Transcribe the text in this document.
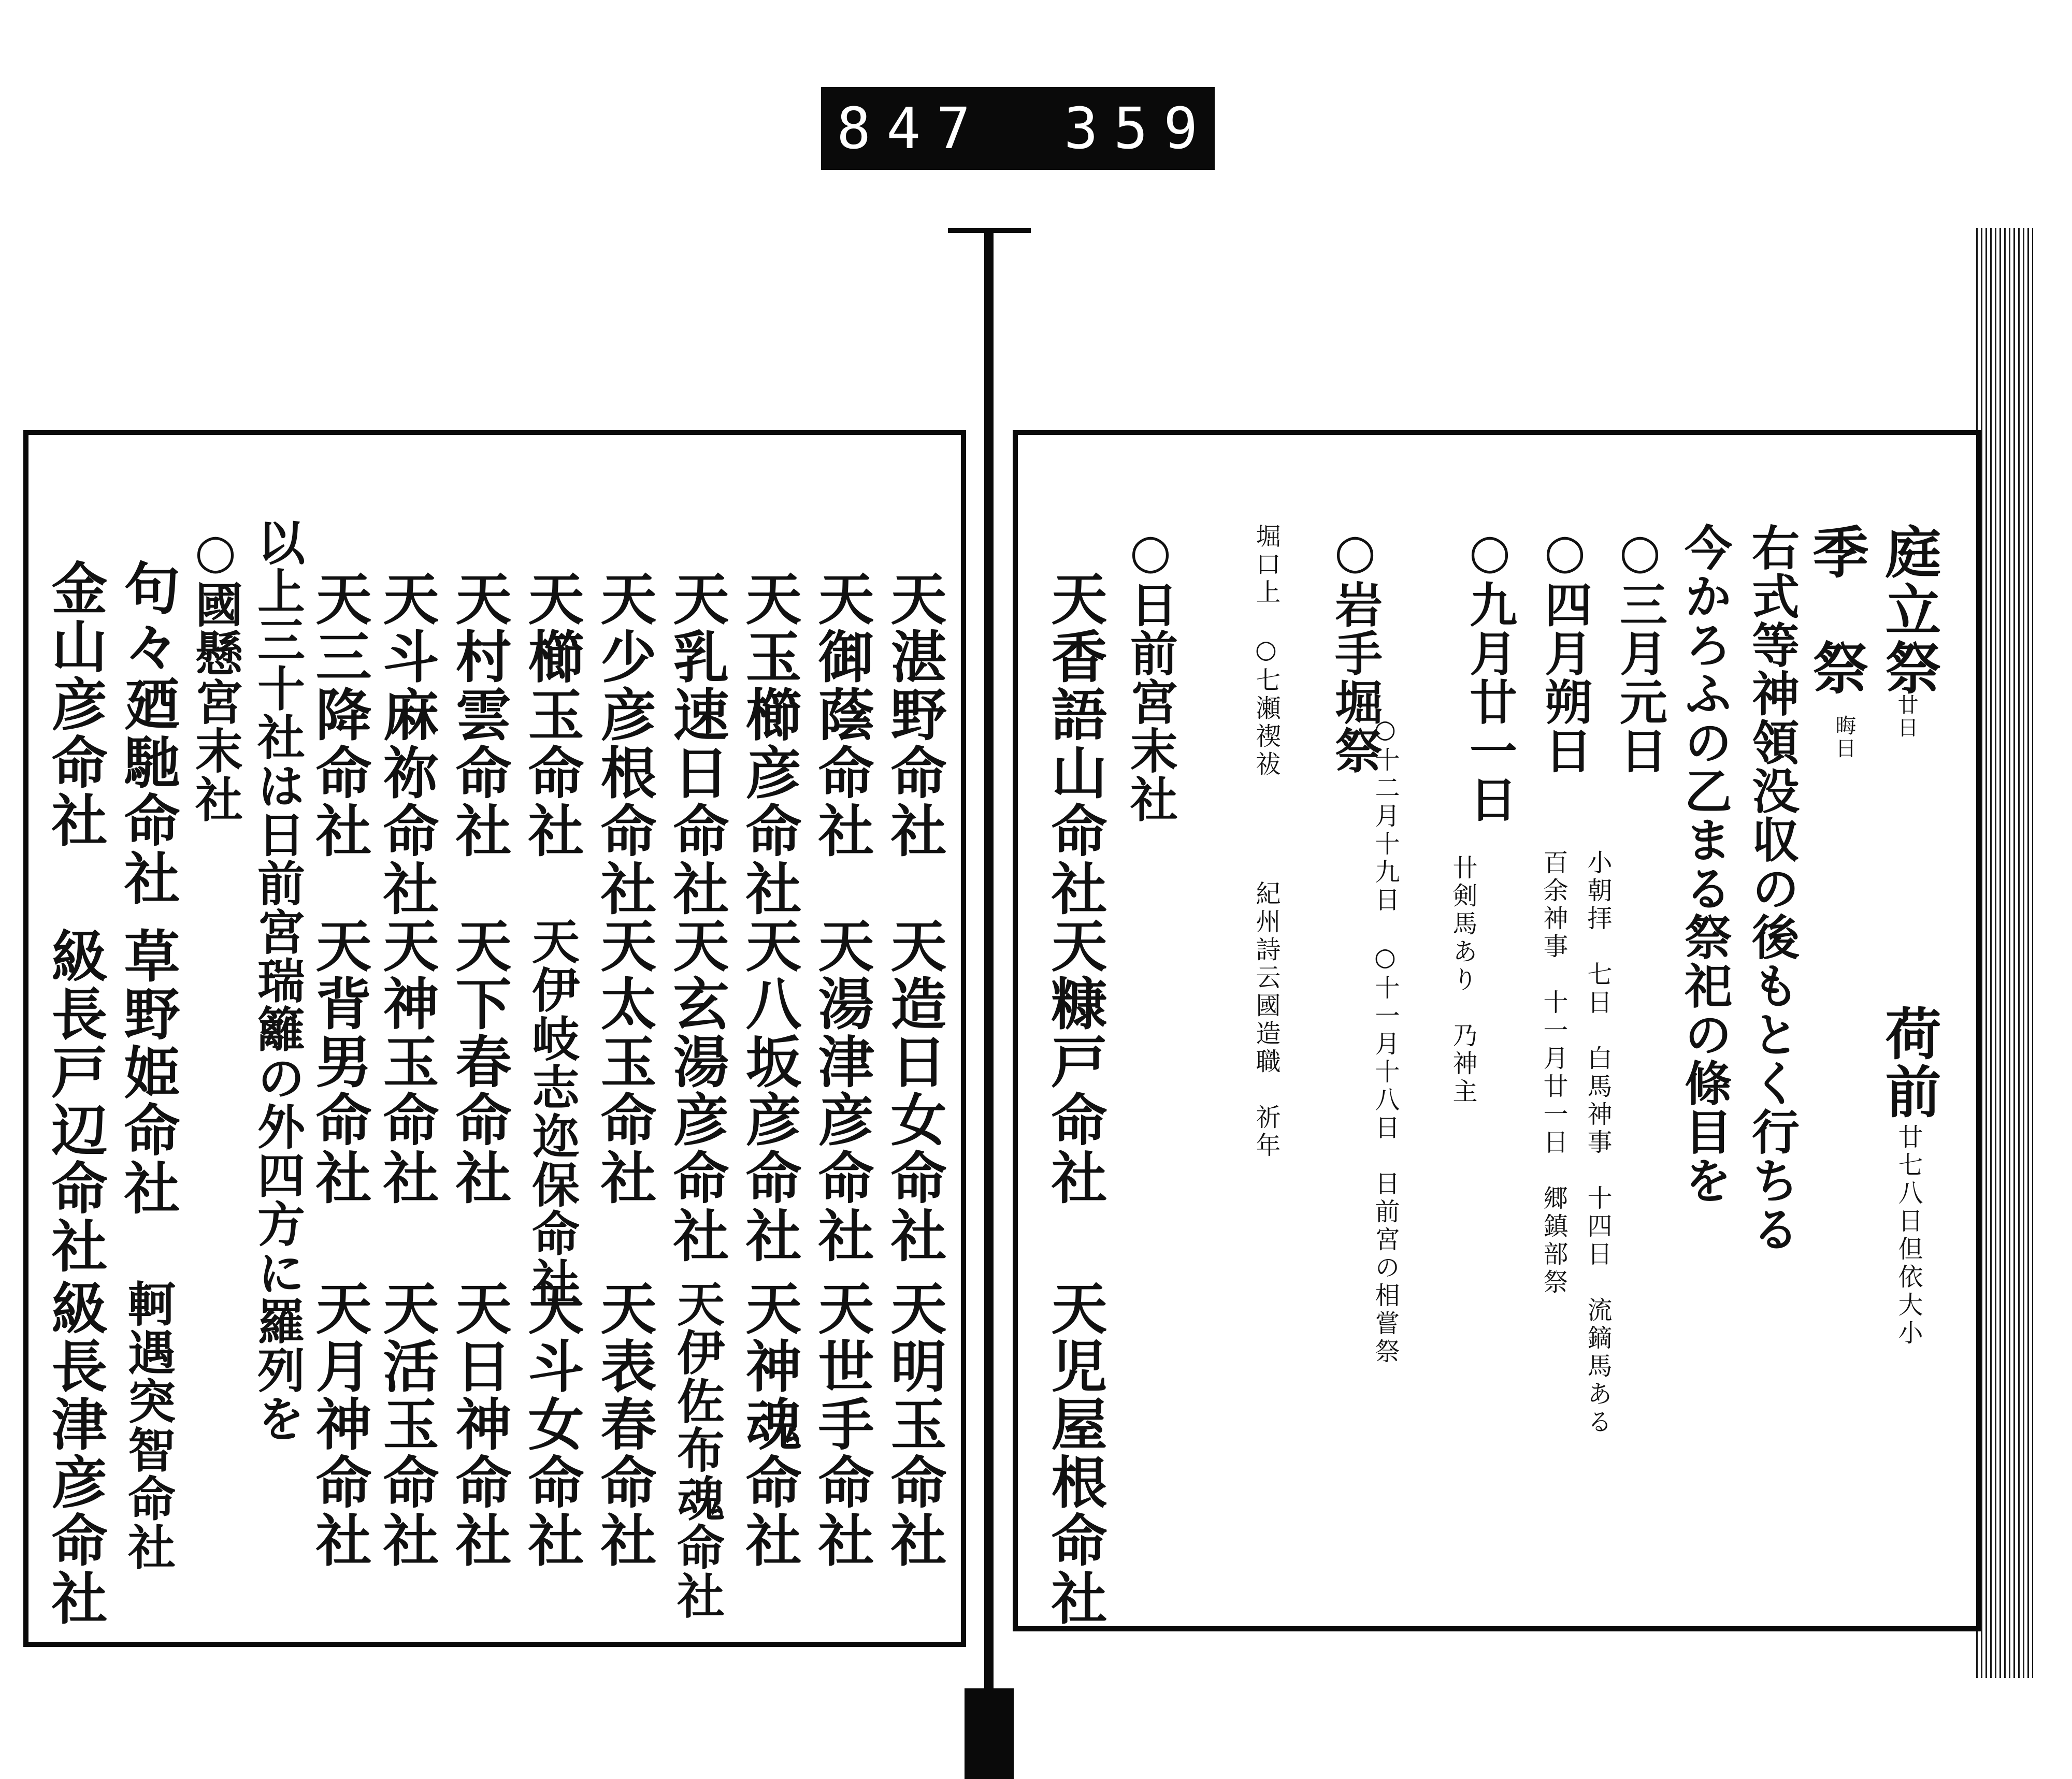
847 359
庭立祭
廿日
荷前
廿七八日但依大小
季　祭
晦日
右式等神領没収の後もとく行ちる
今かろふの乙まる祭祀の條目を
○三月元日
小朝拝　七日　白馬神事　十四日　流鏑馬ある
○四月朔日
百余神事　十一月廿一日　郷鎮部祭
○九月廿一日
卄剣馬あり　乃神主
○岩手堀祭
○十二月十九日　○十一月十八日　日前宮の相嘗祭
堀口上　○七瀬禊祓
紀州詩云國造職　祈年
○日前宮末社
天香語山命社
天糠戸命社
天児屋根命社
天湛野命社
天造日女命社
天明玉命社
天御蔭命社
天湯津彦命社
天世手命社
天玉櫛彦命社
天八坂彦命社
天神魂命社
天乳速日命社
天玄湯彦命社
天伊佐布魂命社
天少彦根命社
天太玉命社
天表春命社
天櫛玉命社
天伊岐志迩保命社
天斗女命社
天村雲命社
天下春命社
天日神命社
天斗麻祢命社
天神玉命社
天活玉命社
天三降命社
天背男命社
天月神命社
以上三十社は日前宮瑞籬の外四方に羅列を
○國懸宮末社
句々廼馳命社
草野姫命社
軻遇突智命社
金山彦命社
級長戸辺命社
級長津彦命社
